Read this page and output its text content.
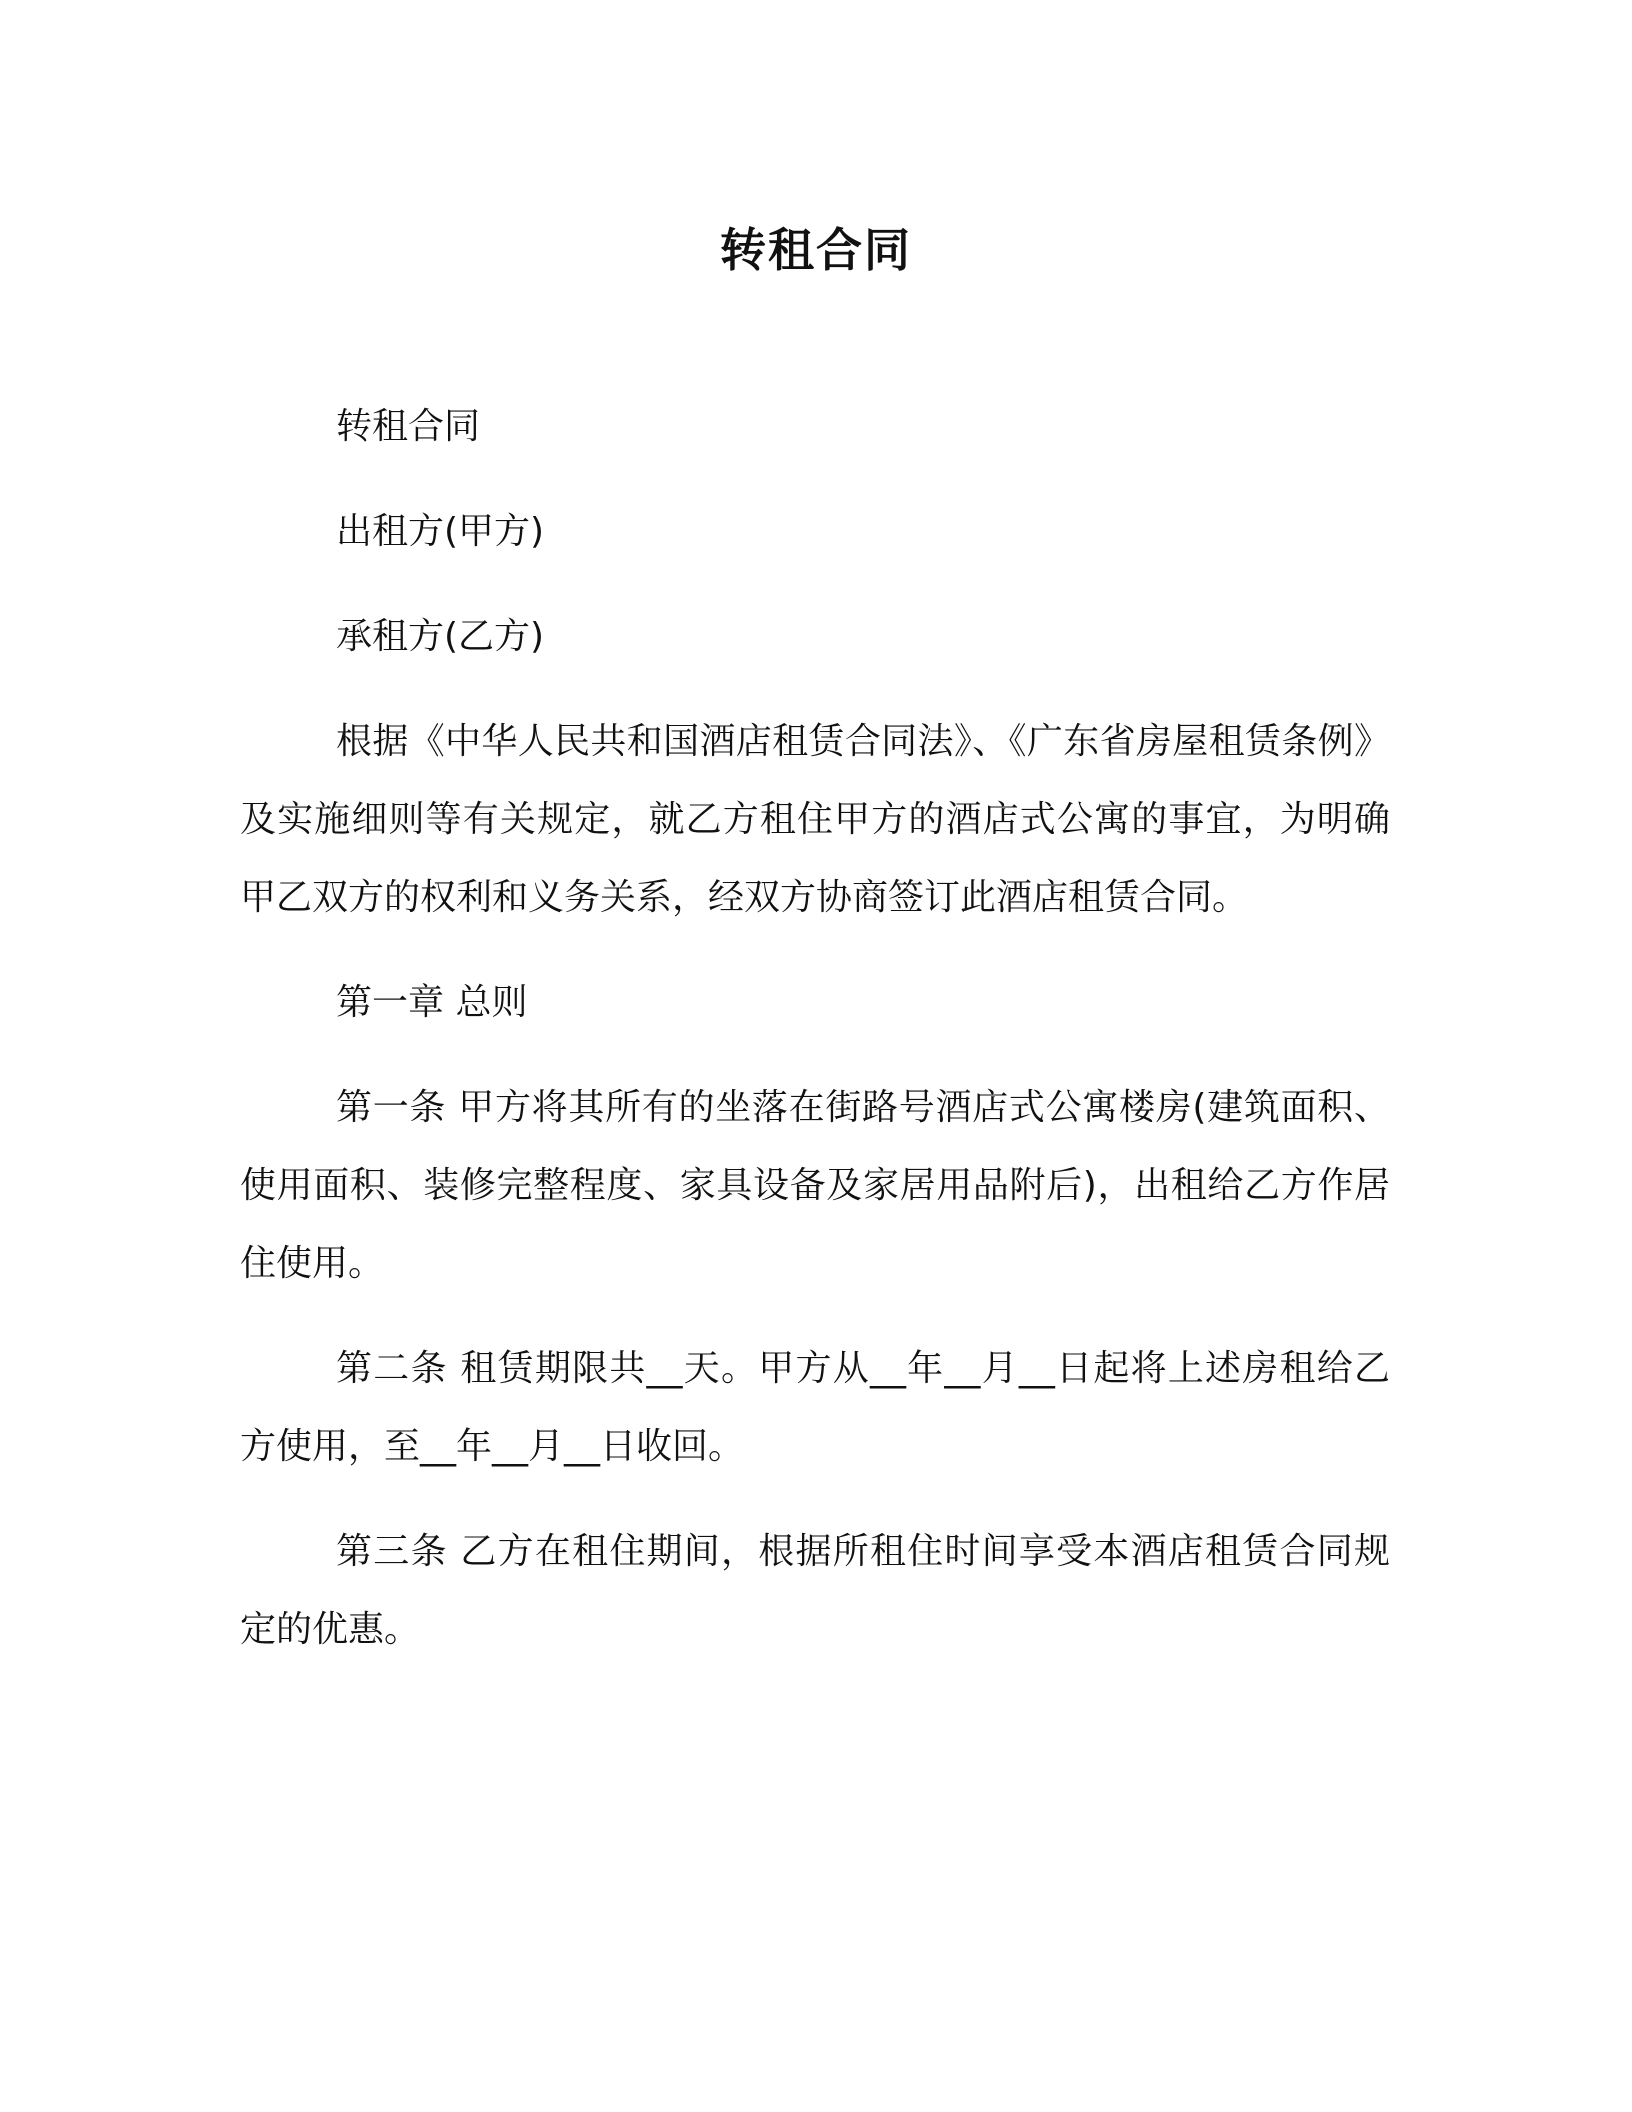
转租合同

转租合同

出租方(甲方)

承租方(乙方)

根据《中华人民共和国酒店租赁合同法》、《广东省房屋租赁条例》及实施细则等有关规定，就乙方租住甲方的酒店式公寓的事宜，为明确甲乙双方的权利和义务关系，经双方协商签订此酒店租赁合同。

第一章 总则

第一条 甲方将其所有的坐落在街路号酒店式公寓楼房(建筑面积、使用面积、装修完整程度、家具设备及家居用品附后)，出租给乙方作居住使用。

第二条 租赁期限共__天。甲方从__年__月__日起将上述房租给乙方使用，至__年__月__日收回。

第三条 乙方在租住期间，根据所租住时间享受本酒店租赁合同规定的优惠。
